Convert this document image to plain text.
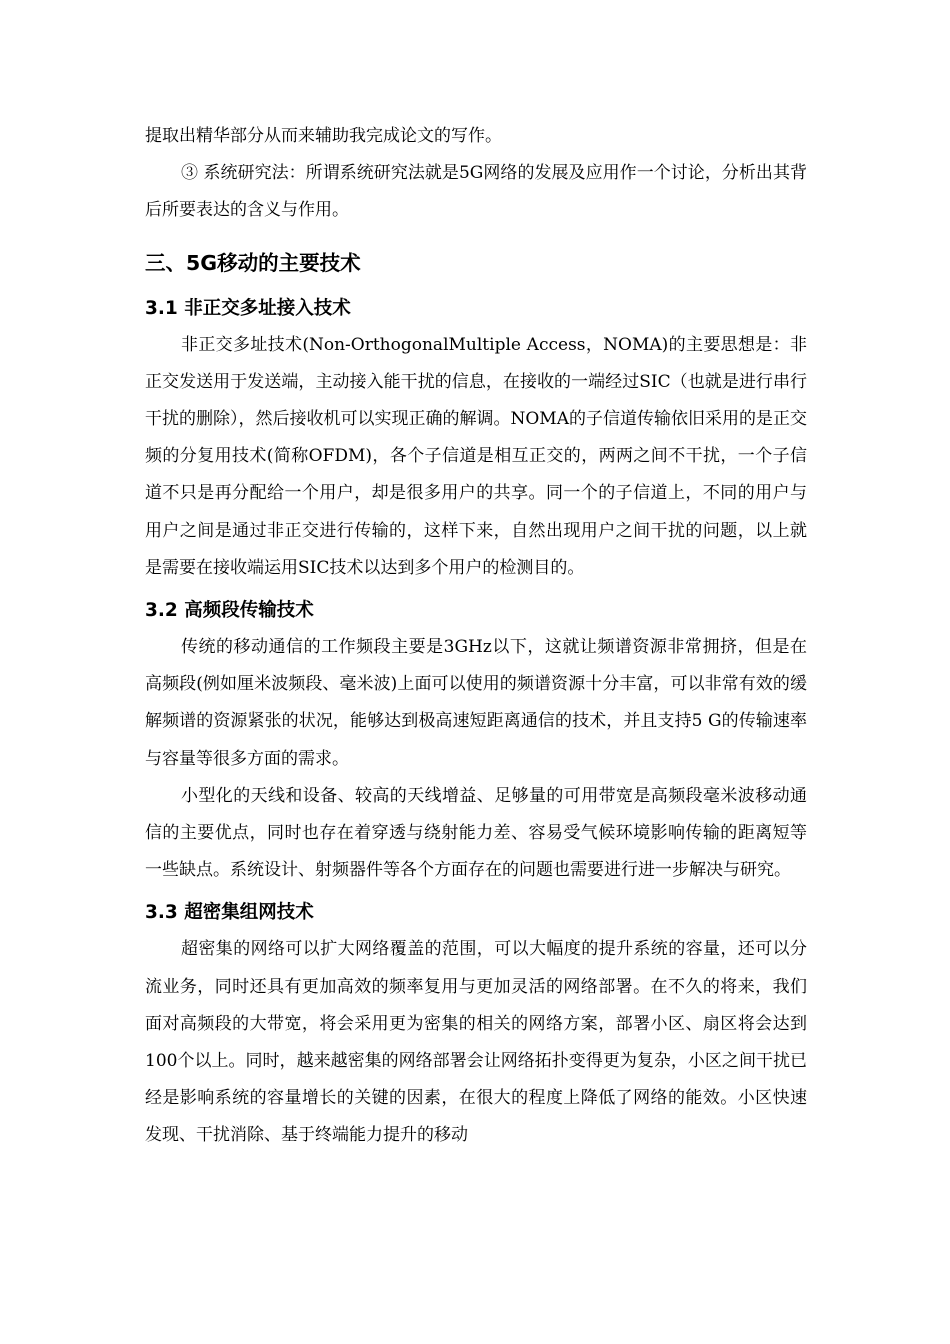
提取出精华部分从而来辅助我完成论文的写作。

③ 系统研究法：所谓系统研究法就是5G网络的发展及应用作一个讨论，分析出其背后所要表达的含义与作用。

三、5G移动的主要技术
3.1 非正交多址接入技术

非正交多址技术(Non-OrthogonalMultiple Access，NOMA)的主要思想是：非正交发送用于发送端，主动接入能干扰的信息，在接收的一端经过SIC（也就是进行串行干扰的删除），然后接收机可以实现正确的解调。NOMA的子信道传输依旧采用的是正交频的分复用技术(简称OFDM)，各个子信道是相互正交的，两两之间不干扰，一个子信道不只是再分配给一个用户，却是很多用户的共享。同一个的子信道上，不同的用户与用户之间是通过非正交进行传输的，这样下来，自然出现用户之间干扰的问题，以上就是需要在接收端运用SIC技术以达到多个用户的检测目的。

3.2 高频段传输技术

传统的移动通信的工作频段主要是3GHz以下，这就让频谱资源非常拥挤，但是在高频段(例如厘米波频段、毫米波)上面可以使用的频谱资源十分丰富，可以非常有效的缓解频谱的资源紧张的状况，能够达到极高速短距离通信的技术，并且支持5 G的传输速率与容量等很多方面的需求。

小型化的天线和设备、较高的天线增益、足够量的可用带宽是高频段毫米波移动通信的主要优点，同时也存在着穿透与绕射能力差、容易受气候环境影响传输的距离短等一些缺点。系统设计、射频器件等各个方面存在的问题也需要进行进一步解决与研究。

3.3 超密集组网技术

超密集的网络可以扩大网络覆盖的范围，可以大幅度的提升系统的容量，还可以分流业务，同时还具有更加高效的频率复用与更加灵活的网络部署。在不久的将来，我们面对高频段的大带宽，将会采用更为密集的相关的网络方案，部署小区、扇区将会达到100个以上。同时，越来越密集的网络部署会让网络拓扑变得更为复杂，小区之间干扰已经是影响系统的容量增长的关键的因素，在很大的程度上降低了网络的能效。小区快速发现、干扰消除、基于终端能力提升的移动
